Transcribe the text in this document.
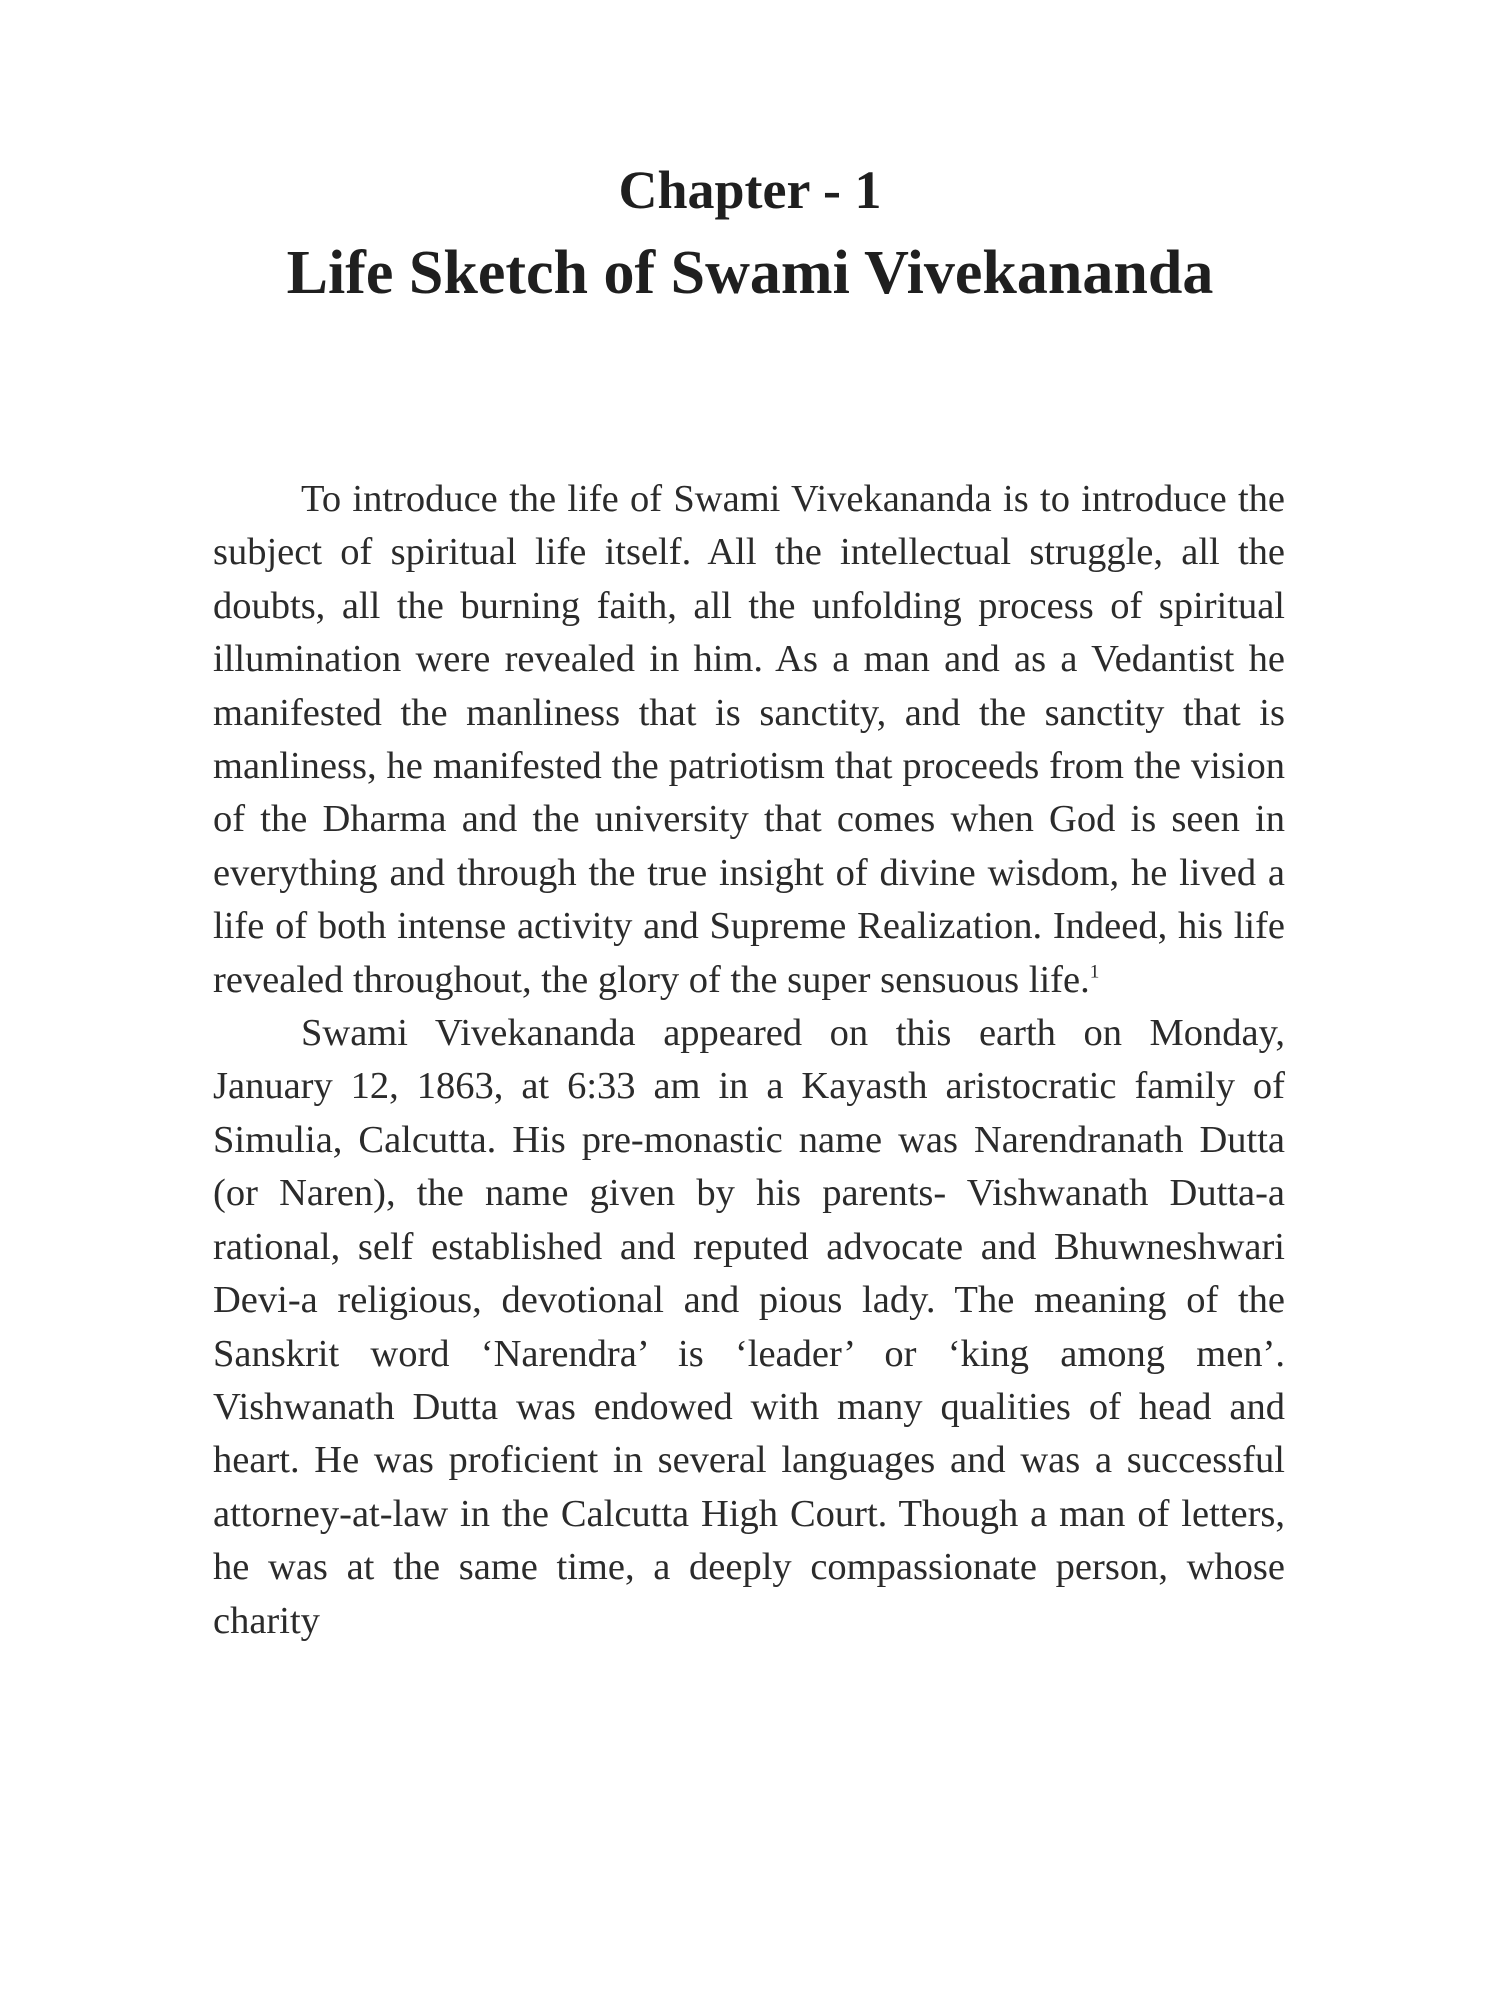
Chapter - 1
Life Sketch of Swami Vivekananda

To introduce the life of Swami Vivekananda is to introduce the subject of spiritual life itself. All the intellectual struggle, all the doubts, all the burning faith, all the unfolding process of spiritual illumination were revealed in him. As a man and as a Vedantist he manifested the manliness that is sanctity, and the sanctity that is manliness, he manifested the patriotism that proceeds from the vision of the Dharma and the university that comes when God is seen in everything and through the true insight of divine wisdom, he lived a life of both intense activity and Supreme Realization. Indeed, his life revealed throughout, the glory of the super sensuous life.$^1$

Swami Vivekananda appeared on this earth on Monday, January 12, 1863, at 6:33 am in a Kayasth aristocratic family of Simulia, Calcutta. His pre-monastic name was Narendranath Dutta (or Naren), the name given by his parents- Vishwanath Dutta-a rational, self established and reputed advocate and Bhuwneshwari Devi-a religious, devotional and pious lady. The meaning of the Sanskrit word ‘Narendra’ is ‘leader’ or ‘king among men’. Vishwanath Dutta was endowed with many qualities of head and heart. He was proficient in several languages and was a successful attorney-at-law in the Calcutta High Court. Though a man of letters, he was at the same time, a deeply compassionate person, whose charity
